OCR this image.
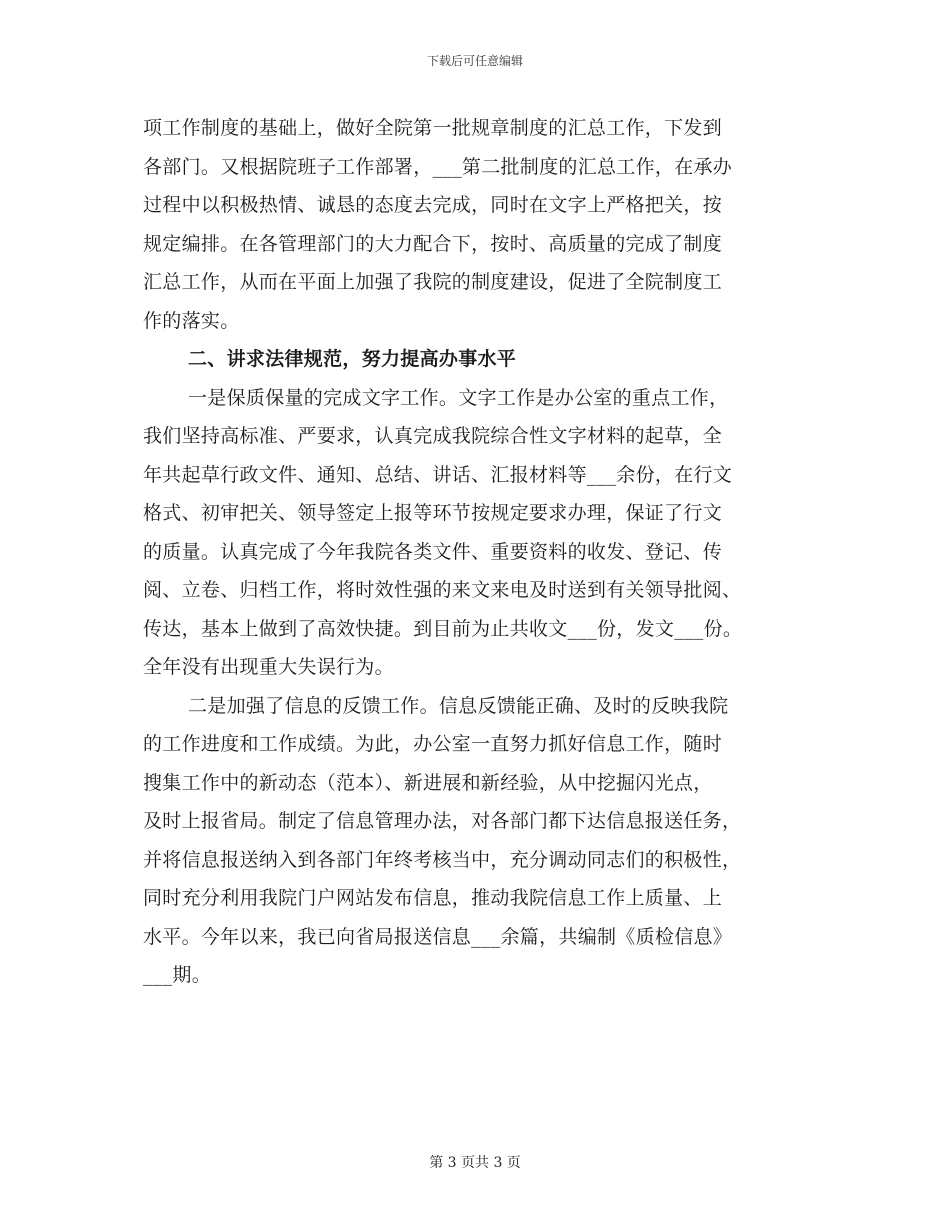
下载后可任意编辑
项工作制度的基础上，做好全院第一批规章制度的汇总工作，下发到
各部门。又根据院班子工作部署，___第二批制度的汇总工作，在承办
过程中以积极热情、诚恳的态度去完成，同时在文字上严格把关，按
规定编排。在各管理部门的大力配合下，按时、高质量的完成了制度
汇总工作，从而在平面上加强了我院的制度建设，促进了全院制度工
作的落实。
二、讲求法律规范，努力提高办事水平
一是保质保量的完成文字工作。文字工作是办公室的重点工作，
我们坚持高标准、严要求，认真完成我院综合性文字材料的起草，全
年共起草行政文件、通知、总结、讲话、汇报材料等___余份，在行文
格式、初审把关、领导签定上报等环节按规定要求办理，保证了行文
的质量。认真完成了今年我院各类文件、重要资料的收发、登记、传
阅、立卷、归档工作，将时效性强的来文来电及时送到有关领导批阅、
传达，基本上做到了高效快捷。到目前为止共收文___份，发文___份。
全年没有出现重大失误行为。
二是加强了信息的反馈工作。信息反馈能正确、及时的反映我院
的工作进度和工作成绩。为此，办公室一直努力抓好信息工作，随时
搜集工作中的新动态（范本）、新进展和新经验，从中挖掘闪光点，
及时上报省局。制定了信息管理办法，对各部门都下达信息报送任务，
并将信息报送纳入到各部门年终考核当中，充分调动同志们的积极性，
同时充分利用我院门户网站发布信息，推动我院信息工作上质量、上
水平。今年以来，我已向省局报送信息___余篇，共编制《质检信息》
___期。
第 3 页共 3 页
